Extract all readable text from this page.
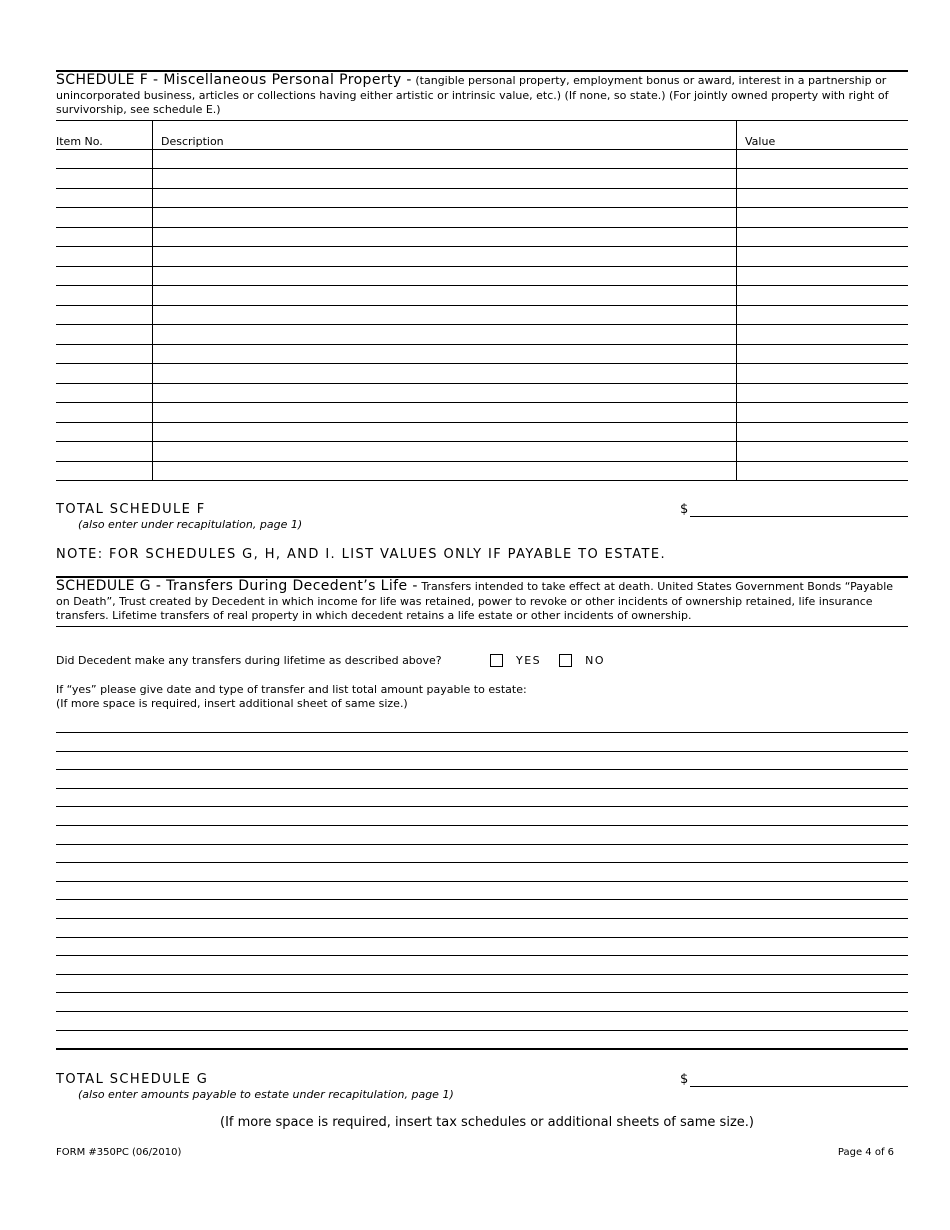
SCHEDULE F - Miscellaneous Personal Property - (tangible personal property, employment bonus or award, interest in a partnership or unincorporated business, articles or collections having either artistic or intrinsic value, etc.) (If none, so state.) (For jointly owned property with right of survivorship, see schedule E.)
Item No.	Description	Value
TOTAL SCHEDULE F	$
(also enter under recapitulation, page 1)
NOTE: FOR SCHEDULES G, H, AND I. LIST VALUES ONLY IF PAYABLE TO ESTATE.
SCHEDULE G - Transfers During Decedent’s Life - Transfers intended to take effect at death. United States Government Bonds “Payable on Death”, Trust created by Decedent in which income for life was retained, power to revoke or other incidents of ownership retained, life insurance transfers. Lifetime transfers of real property in which decedent retains a life estate or other incidents of ownership.
Did Decedent make any transfers during lifetime as described above?	YES	NO
If “yes” please give date and type of transfer and list total amount payable to estate:
(If more space is required, insert additional sheet of same size.)
TOTAL SCHEDULE G	$
(also enter amounts payable to estate under recapitulation, page 1)
(If more space is required, insert tax schedules or additional sheets of same size.)
FORM #350PC (06/2010)	Page 4 of 6
